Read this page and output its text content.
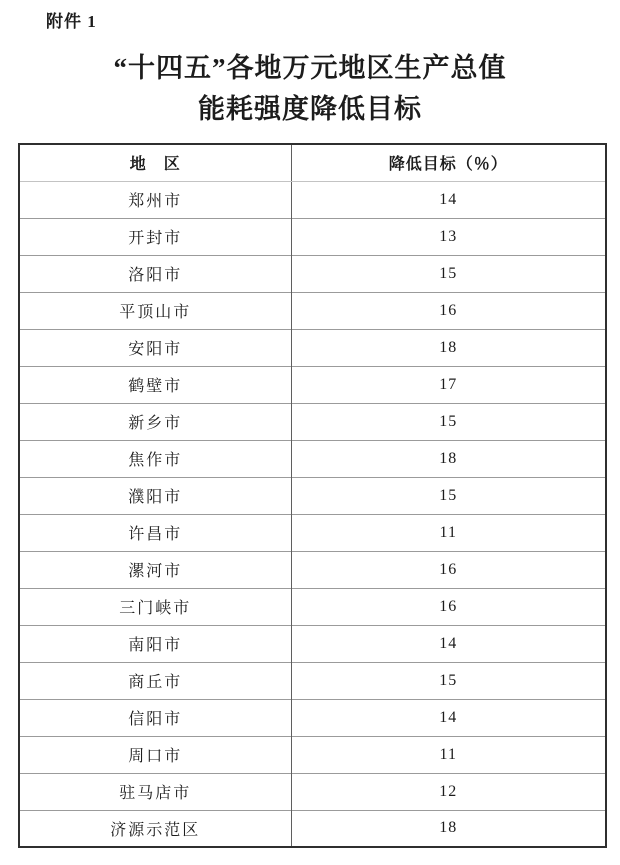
附件 1
“十四五”各地万元地区生产总值
能耗强度降低目标
地　区	降低目标（％）
郑州市	14
开封市	13
洛阳市	15
平顶山市	16
安阳市	18
鹤壁市	17
新乡市	15
焦作市	18
濮阳市	15
许昌市	11
漯河市	16
三门峡市	16
南阳市	14
商丘市	15
信阳市	14
周口市	11
驻马店市	12
济源示范区	18
